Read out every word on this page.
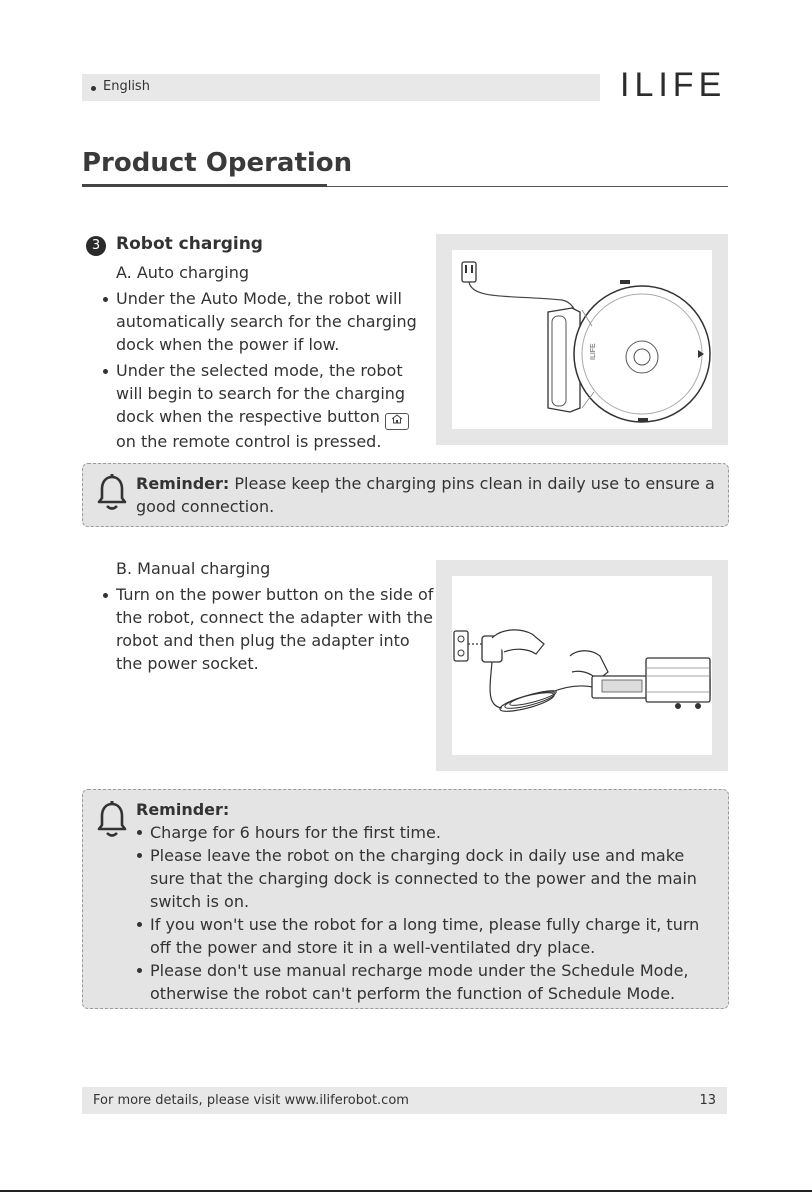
English	ILIFE
Product Operation
3 Robot charging
A. Auto charging
Under the Auto Mode, the robot will automatically search for the charging dock when the power if low.
Under the selected mode, the robot will begin to search for the charging dock when the respective button  on the remote control is pressed.
ILIFE
Reminder: Please keep the charging pins clean in daily use to ensure a good connection.
B. Manual charging
Turn on the power button on the side of the robot, connect the adapter with the robot and then plug the adapter into the power socket.
Reminder:
Charge for 6 hours for the first time.
Please leave the robot on the charging dock in daily use and make sure that the charging dock is connected to the power and the main switch is on.
If you won't use the robot for a long time, please fully charge it, turn off the power and store it in a well-ventilated dry place.
Please don't use manual recharge mode under the Schedule Mode, otherwise the robot can't perform the function of Schedule Mode.
For more details, please visit www.iliferobot.com	13
